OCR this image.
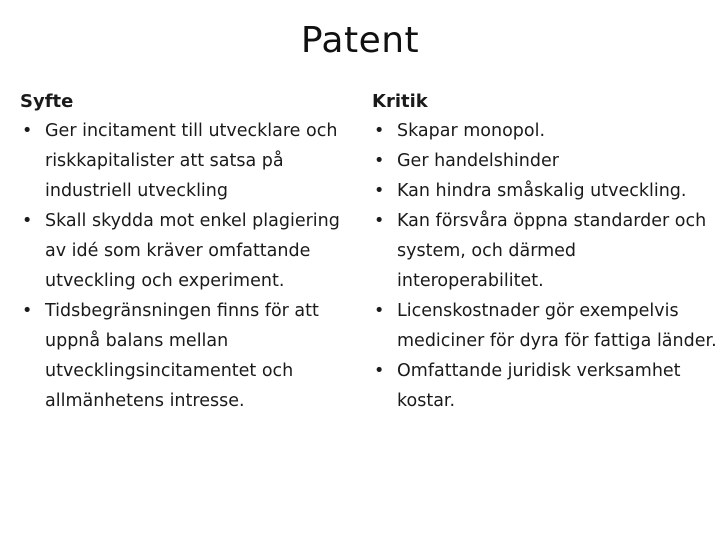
Patent
Syfte
• Ger incitament till utvecklare och riskkapitalister att satsa på industriell utveckling
• Skall skydda mot enkel plagiering av idé som kräver omfattande utveckling och experiment.
• Tidsbegränsningen finns för att uppnå balans mellan utvecklingsincitamentet och allmänhetens intresse.
Kritik
• Skapar monopol.
• Ger handelshinder
• Kan hindra småskalig utveckling.
• Kan försvåra öppna standarder och system, och därmed interoperabilitet.
• Licenskostnader gör exempelvis mediciner för dyra för fattiga länder.
• Omfattande juridisk verksamhet kostar.
